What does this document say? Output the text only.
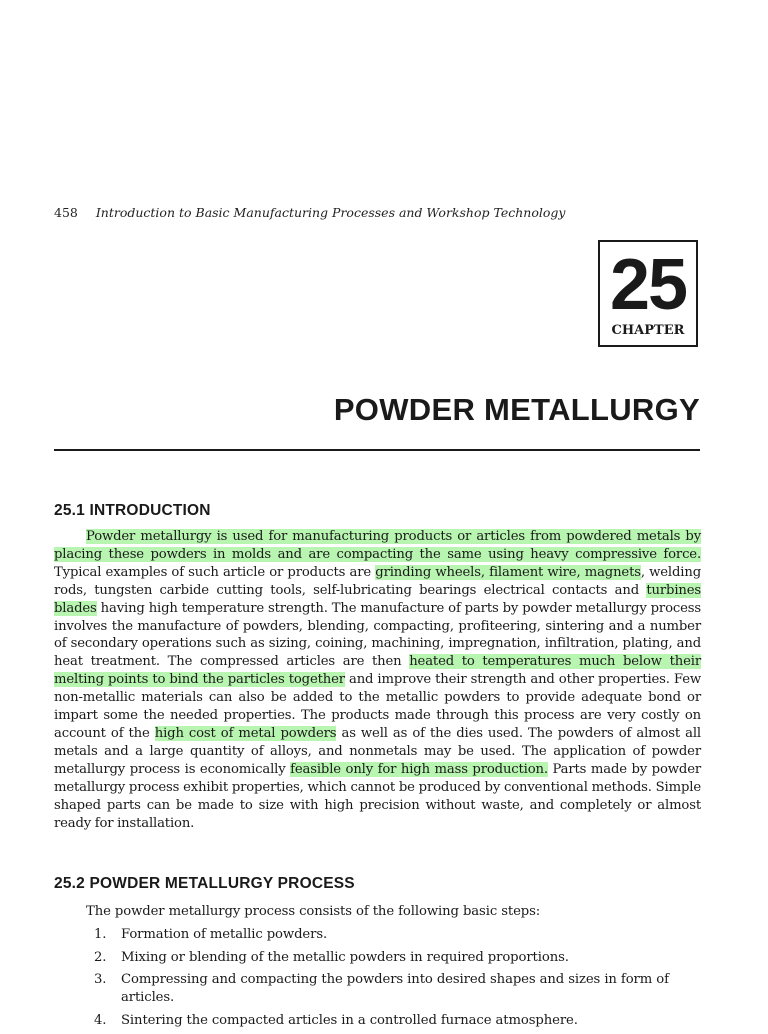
458 Introduction to Basic Manufacturing Processes and Workshop Technology
25
CHAPTER
POWDER METALLURGY
25.1 INTRODUCTION

Powder metallurgy is used for manufacturing products or articles from powdered metals by placing these powders in molds and are compacting the same using heavy compressive force. Typical examples of such article or products are grinding wheels, filament wire, magnets, welding rods, tungsten carbide cutting tools, self-lubricating bearings electrical contacts and turbines blades having high temperature strength. The manufacture of parts by powder metallurgy process involves the manufacture of powders, blending, compacting, profiteering, sintering and a number of secondary operations such as sizing, coining, machining, impregnation, infiltration, plating, and heat treatment. The compressed articles are then heated to temperatures much below their melting points to bind the particles together and improve their strength and other properties. Few non-metallic materials can also be added to the metallic powders to provide adequate bond or impart some the needed properties. The products made through this process are very costly on account of the high cost of metal powders as well as of the dies used. The powders of almost all metals and a large quantity of alloys, and nonmetals may be used. The application of powder metallurgy process is economically feasible only for high mass production. Parts made by powder metallurgy process exhibit properties, which cannot be produced by conventional methods. Simple shaped parts can be made to size with high precision without waste, and completely or almost ready for installation.

25.2 POWDER METALLURGY PROCESS

The powder metallurgy process consists of the following basic steps:

1. Formation of metallic powders.
2. Mixing or blending of the metallic powders in required proportions.
3. Compressing and compacting the powders into desired shapes and sizes in form of articles.
4. Sintering the compacted articles in a controlled furnace atmosphere.
